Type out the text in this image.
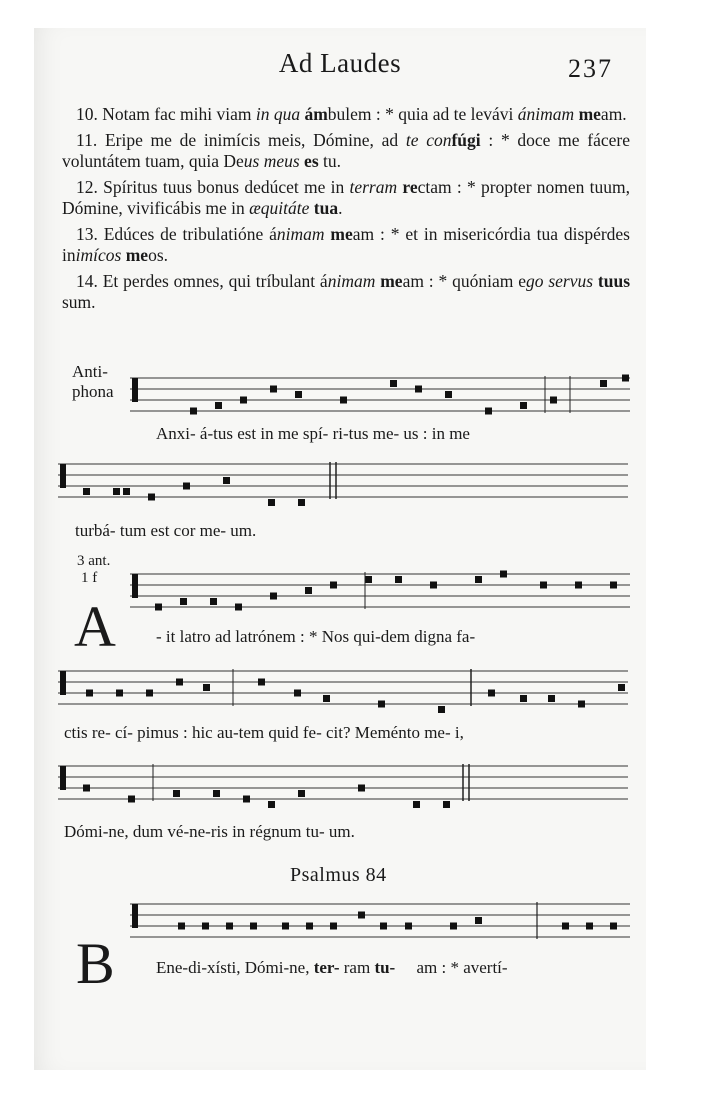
Ad Laudes	237

10. Notam fac mihi viam in qua ámbulem : * quia ad te levávi ánimam meam.

11. Eripe me de inimícis meis, Dómine, ad te confúgi : * doce me fácere voluntátem tuam, quia Deus meus es tu.

12. Spíritus tuus bonus dedúcet me in terram rectam : * propter nomen tuum, Dómine, vivificábis me in æquitáte tua.

13. Edúces de tribulatióne ánimam meam : * et in misericórdia tua dispérdes inimícos meos.

14. Et perdes omnes, qui tríbulant ánimam meam : * quóniam ego servus tuus sum.

Anti-
phona
Anxi- á-tus est in me spí- ri-tus me- us : in me
turbá- tum est cor me- um.
3 ant.
1 f
A - it latro ad latrónem : * Nos qui-dem digna fa-
ctis re- cí- pimus : hic au-tem quid fe- cit? Meménto me- i,
Dómi-ne, dum vé-ne-ris in régnum tu- um.
Psalmus 84
B Ene-di-xísti, Dómi-ne, ter- ram tu-     am : * avertí-
